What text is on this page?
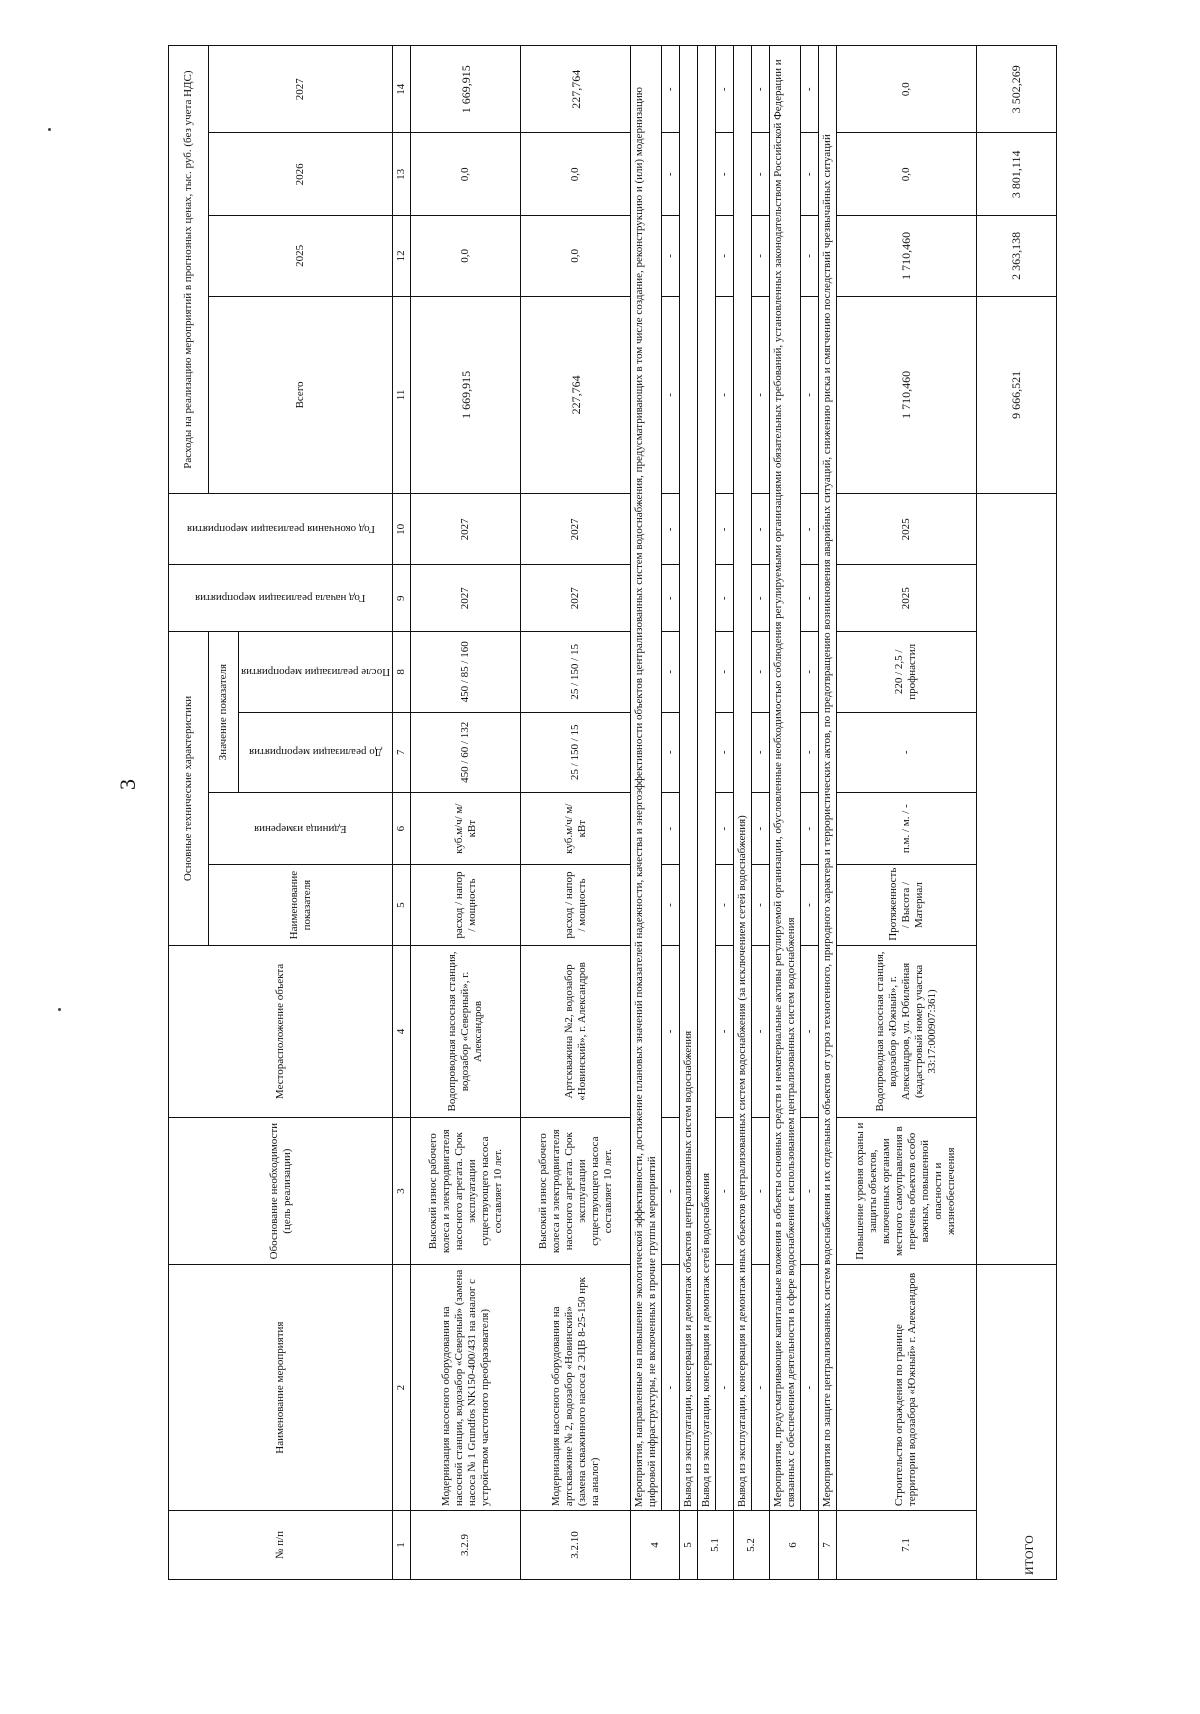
3
№ п/п	Наименование мероприятия	Обоснование необходимости (цель реализации)	Месторасположение объекта	Основные технические характеристики				Год начала реализации мероприятия	Год окончания реализации мероприятия	Расходы на реализацию мероприятий в прогнозных ценах, тыс. руб. (без учета НДС)			
				Наименование показателя	Единица измерения	Значение показателя				Всего	2025	2026	2027

						До реализации мероприятия	После реализации мероприятия						

1	2	3	4	5	6	7	8	9	10	11	12	13	14
3.2.9	Модернизация насосного оборудования на насосной станции, водозабор «Северный» (замена насоса № 1 Grundfos NK150-400/431 на аналог с устройством частотного преобразователя)	Высокий износ рабочего колеса и электродвигателя насосного агрегата. Срок эксплуатации существующего насоса составляет 10 лет.	Водопроводная насосная станция, водозабор «Северный», г. Александров	расход / напор / мощность	куб.м/ч/ м/ кВт	450 / 60 / 132	450 / 85 / 160	2027	2027	1 669,915	0,0	0,0	1 669,915
3.2.10	Модернизация насосного оборудования на артскважине № 2, водозабор «Новинский» (замена скважинного насоса 2 ЭЦВ 8-25-150 нрк на аналог)	Высокий износ рабочего колеса и электродвигателя насосного агрегата. Срок эксплуатации существующего насоса составляет 10 лет.	Артскважина №2, водозабор «Новинский», г. Александров	расход / напор / мощность	куб.м/ч/ м/ кВт	25 / 150 / 15	25 / 150 / 15	2027	2027	227,764	0,0	0,0	227,764
4	Мероприятия, направленные на повышение экологической эффективности, достижение плановых значений показателей надежности, качества и энергоэффективности объектов централизованных систем водоснабжения, предусматривающих в том числе создание, реконструкцию и (или) модернизацию цифровой инфраструктуры, не включенных в прочие группы мероприятий												
	-	-	-	-	-	-	-	-	-	-	-	-	-
5	Вывод из эксплуатации, консервация и демонтаж объектов централизованных систем водоснабжения												
5.1	Вывод из эксплуатации, консервация и демонтаж сетей водоснабжения												
	-	-	-	-	-	-	-	-	-	-	-	-	-
5.2	Вывод из эксплуатации, консервация и демонтаж иных объектов централизованных систем водоснабжения (за исключением сетей водоснабжения)												
	-	-	-	-	-	-	-	-	-	-	-	-	-
6	Мероприятия, предусматривающие капитальные вложения в объекты основных средств и нематериальные активы регулируемой организации, обусловленные необходимостью соблюдения регулируемыми организациями обязательных требований, установленных законодательством Российской Федерации и связанных с обеспечением деятельности в сфере водоснабжения с использованием централизованных систем водоснабжения												
	-	-	-	-	-	-	-	-	-	-	-	-	-
7	Мероприятия по защите централизованных систем водоснабжения и их отдельных объектов от угроз техногенного, природного характера и террористических актов, по предотвращению возникновения аварийных ситуаций, снижению риска и смягчению последствий чрезвычайных ситуаций												
7.1	Строительство ограждения по границе территории водозабора «Южный» г. Александров	Повышение уровня охраны и защиты объектов, включенных органами местного самоуправления в перечень объектов особо важных, повышенной опасности и жизнеобеспечения	Водопроводная насосная станция, водозабор «Южный», г. Александров, ул. Юбилейная (кадастровый номер участка 33:17:000907:361)	Протяженность / Высота / Материал	п.м. / м. / -	-	220 / 2,5 / профнастил	2025	2025	1 710,460	1 710,460	0,0	0,0
ИТОГО										9 666,521	2 363,138	3 801,114	3 502,269
